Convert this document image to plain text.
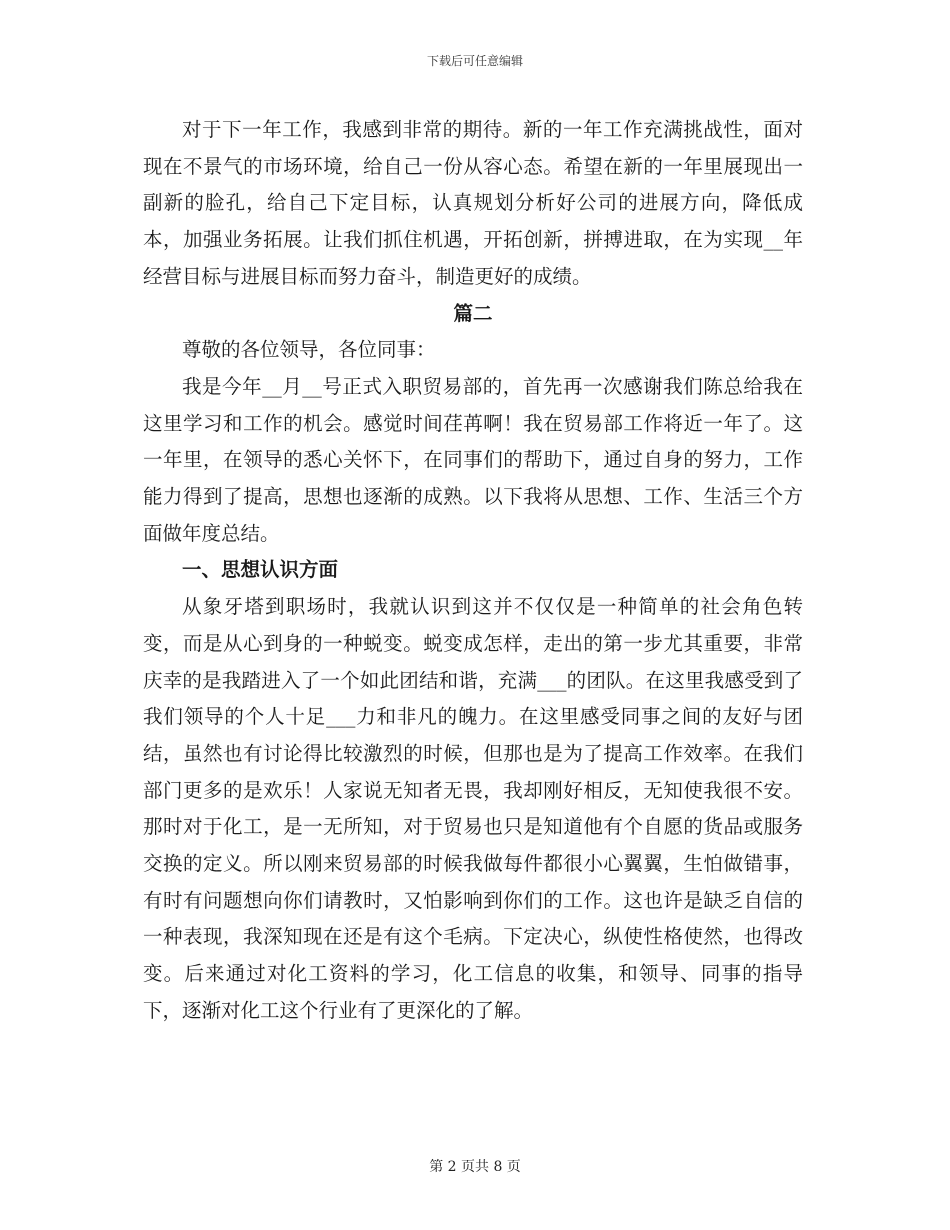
下载后可任意编辑

对于下一年工作，我感到非常的期待。新的一年工作充满挑战性，面对现在不景气的市场环境，给自己一份从容心态。希望在新的一年里展现出一副新的脸孔，给自己下定目标，认真规划分析好公司的进展方向，降低成本，加强业务拓展。让我们抓住机遇，开拓创新，拼搏进取，在为实现__年经营目标与进展目标而努力奋斗，制造更好的成绩。

篇二

尊敬的各位领导，各位同事：

我是今年__月__号正式入职贸易部的，首先再一次感谢我们陈总给我在这里学习和工作的机会。感觉时间荏苒啊！我在贸易部工作将近一年了。这一年里，在领导的悉心关怀下，在同事们的帮助下，通过自身的努力，工作能力得到了提高，思想也逐渐的成熟。以下我将从思想、工作、生活三个方面做年度总结。

一、思想认识方面

从象牙塔到职场时，我就认识到这并不仅仅是一种简单的社会角色转变，而是从心到身的一种蜕变。蜕变成怎样，走出的第一步尤其重要，非常庆幸的是我踏进入了一个如此团结和谐，充满___的团队。在这里我感受到了我们领导的个人十足___力和非凡的魄力。在这里感受同事之间的友好与团结，虽然也有讨论得比较激烈的时候，但那也是为了提高工作效率。在我们部门更多的是欢乐！人家说无知者无畏，我却刚好相反，无知使我很不安。那时对于化工，是一无所知，对于贸易也只是知道他有个自愿的货品或服务交换的定义。所以刚来贸易部的时候我做每件都很小心翼翼，生怕做错事，有时有问题想向你们请教时，又怕影响到你们的工作。这也许是缺乏自信的一种表现，我深知现在还是有这个毛病。下定决心，纵使性格使然，也得改变。后来通过对化工资料的学习，化工信息的收集，和领导、同事的指导下，逐渐对化工这个行业有了更深化的了解。

第 2 页共 8 页
